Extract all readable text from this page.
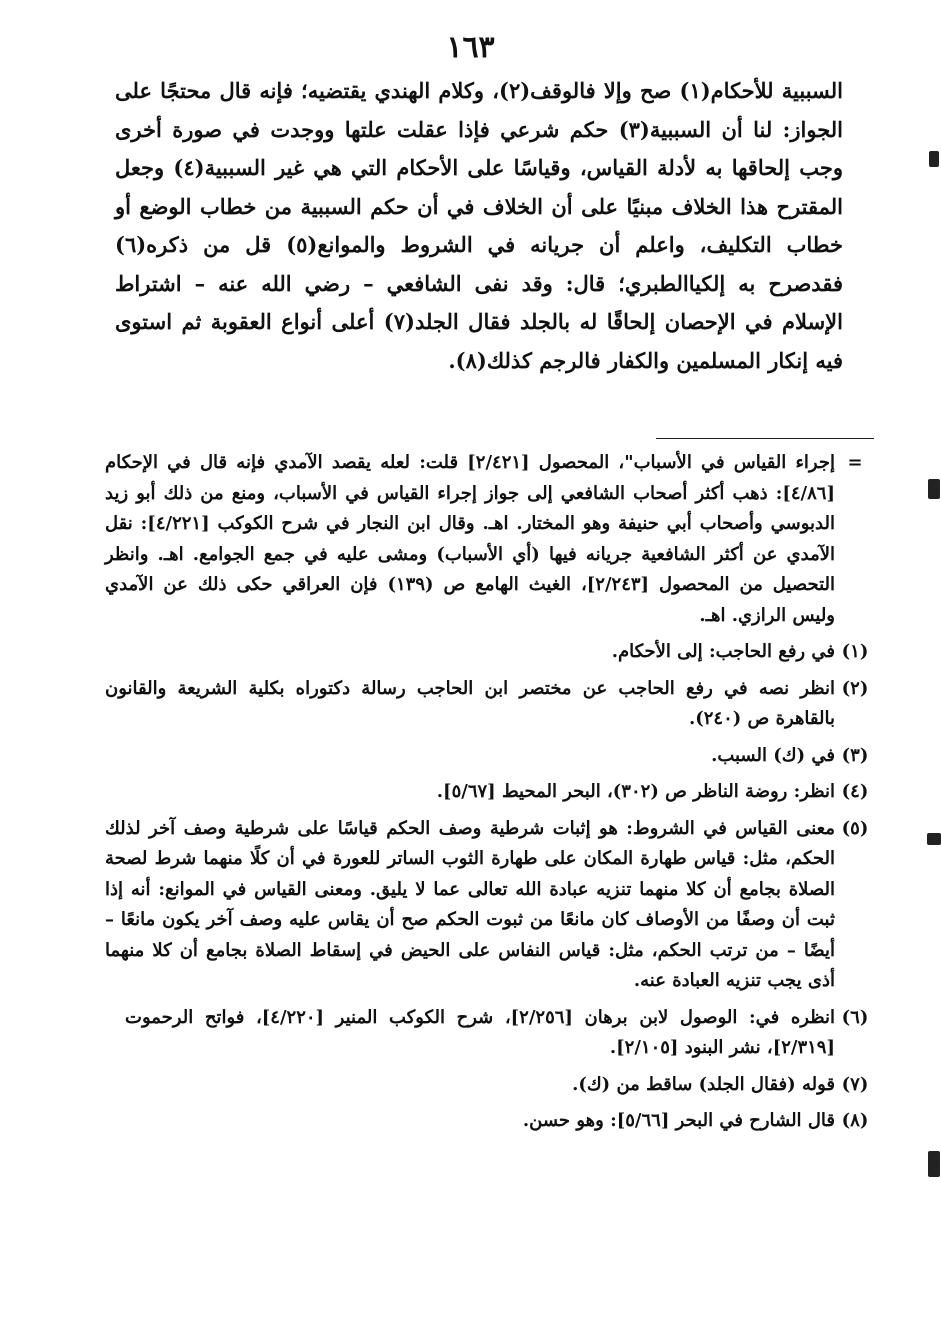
١٦٣

السببية للأحكام(١) صح وإلا فالوقف(٢)، وكلام الهندي يقتضيه؛ فإنه قال محتجًا على الجواز: لنا أن السببية(٣) حكم شرعي فإذا عقلت علتها ووجدت في صورة أخرى وجب إلحاقها به لأدلة القياس، وقياسًا على الأحكام التي هي غير السببية(٤) وجعل المقترح هذا الخلاف مبنيًا على أن الخلاف في أن حكم السببية من خطاب الوضع أو خطاب التكليف، واعلم أن جريانه في الشروط والموانع(٥) قل من ذكره(٦) فقدصرح به إلكياالطبري؛ قال: وقد نفى الشافعي – رضي الله عنه – اشتراط الإسلام في الإحصان إلحاقًا له بالجلد فقال الجلد(٧) أعلى أنواع العقوبة ثم استوى فيه إنكار المسلمين والكفار فالرجم كذلك(٨).

=
إجراء القياس في الأسباب"، المحصول [٢/٤٢١] قلت: لعله يقصد الآمدي فإنه قال في الإحكام [٤/٨٦]: ذهب أكثر أصحاب الشافعي إلى جواز إجراء القياس في الأسباب، ومنع من ذلك أبو زيد الدبوسي وأصحاب أبي حنيفة وهو المختار. اهـ. وقال ابن النجار في شرح الكوكب [٤/٢٢١]: نقل الآمدي عن أكثر الشافعية جريانه فيها (أي الأسباب) ومشى عليه في جمع الجوامع. اهـ. وانظر التحصيل من المحصول [٢/٢٤٣]، الغيث الهامع ص (١٣٩) فإن العراقي حكى ذلك عن الآمدي وليس الرازي. اهـ.
(١)
في رفع الحاجب: إلى الأحكام.
(٢)
انظر نصه في رفع الحاجب عن مختصر ابن الحاجب رسالة دكتوراه بكلية الشريعة والقانون بالقاهرة ص (٢٤٠).
(٣)
في (ك) السبب.
(٤)
انظر: روضة الناظر ص (٣٠٢)، البحر المحيط [٥/٦٧].
(٥)
معنى القياس في الشروط: هو إثبات شرطية وصف الحكم قياسًا على شرطية وصف آخر لذلك الحكم، مثل: قياس طهارة المكان على طهارة الثوب الساتر للعورة في أن كلًا منهما شرط لصحة الصلاة بجامع أن كلا منهما تنزيه عبادة الله تعالى عما لا يليق. ومعنى القياس في الموانع: أنه إذا ثبت أن وصفًا من الأوصاف كان مانعًا من ثبوت الحكم صح أن يقاس عليه وصف آخر يكون مانعًا – أيضًا – من ترتب الحكم، مثل: قياس النفاس على الحيض في إسقاط الصلاة بجامع أن كلا منهما أذى يجب تنزيه العبادة عنه.
(٦)
انظره في: الوصول لابن برهان [٢/٢٥٦]، شرح الكوكب المنير [٤/٢٢٠]، فواتح الرحموت [٢/٣١٩]، نشر البنود [٢/١٠٥].
(٧)
قوله (فقال الجلد) ساقط من (ك).
(٨)
قال الشارح في البحر [٥/٦٦]: وهو حسن.
